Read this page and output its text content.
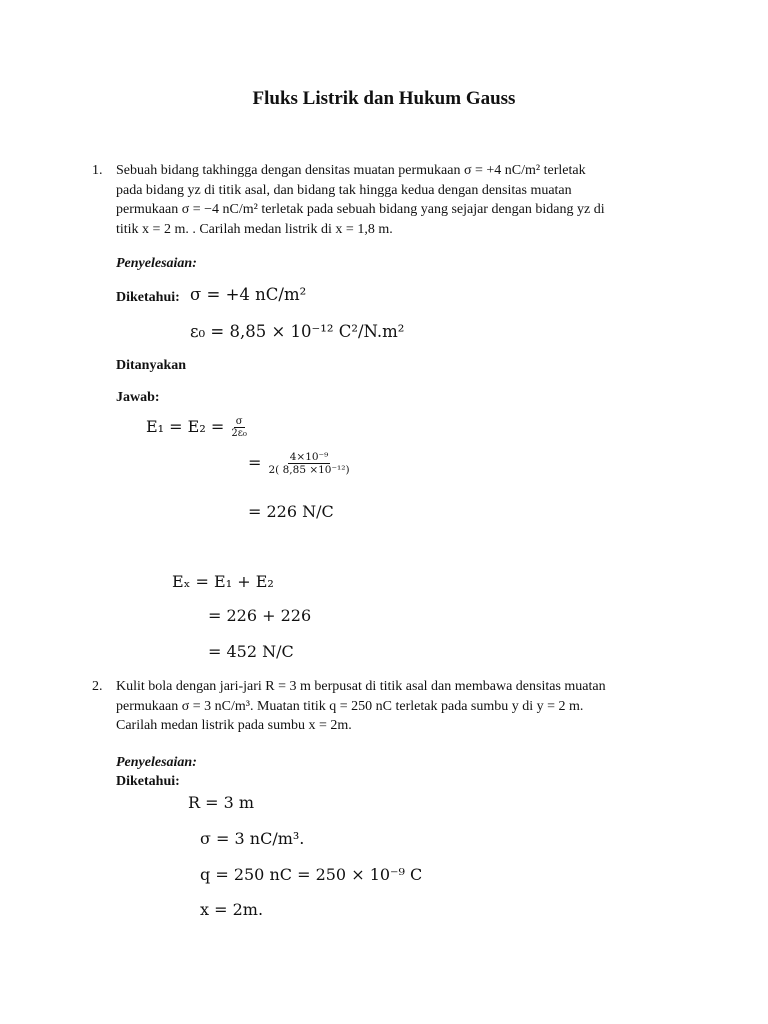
Fluks Listrik dan Hukum Gauss
1. Sebuah bidang takhingga dengan densitas muatan permukaan σ = +4 nC/m² terletak
pada bidang yz di titik asal, dan bidang tak hingga kedua dengan densitas muatan
permukaan σ = −4 nC/m² terletak pada sebuah bidang yang sejajar dengan bidang yz di
titik x = 2 m. . Carilah medan listrik di x = 1,8 m.
Penyelesaian:
Diketahui: σ = +4 nC/m²
ε₀ = 8,85 × 10⁻¹² C²/N.m²
Ditanyakan
Jawab:
$E_1 = E_2 = \frac{\sigma}{\text{2ε₀}}$
= $\frac{\text{4×10⁻⁹}}{\text{2( 8,85 ×10⁻¹²)}}$
= 226 N/C
Eₓ = E₁ + E₂
= 226 + 226
= 452 N/C
2. Kulit bola dengan jari-jari R = 3 m berpusat di titik asal dan membawa densitas muatan
permukaan σ = 3 nC/m³. Muatan titik q = 250 nC terletak pada sumbu y di y = 2 m.
Carilah medan listrik pada sumbu x = 2m.
Penyelesaian:
Diketahui:
R = 3 m
σ = 3 nC/m³.
q = 250 nC = 250 × 10⁻⁹ C
x = 2m.
